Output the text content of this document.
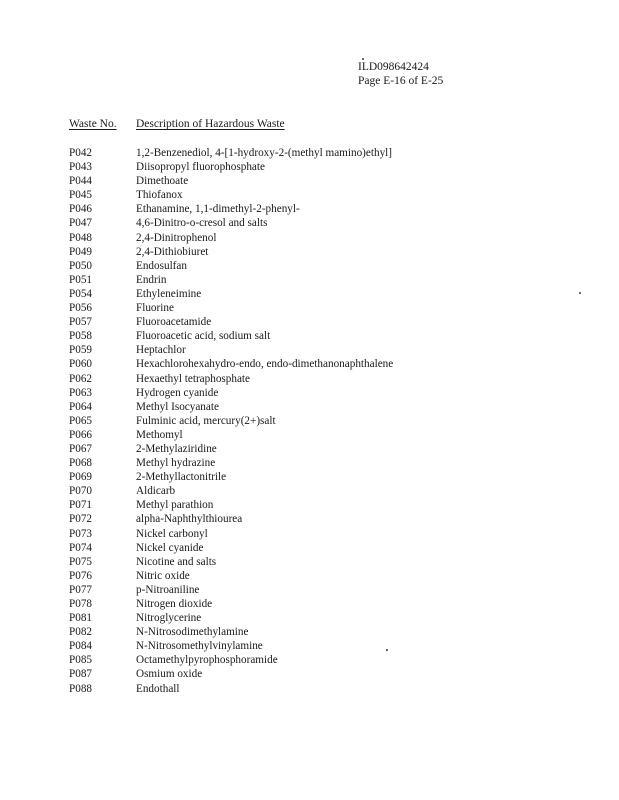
ILD098642424
Page E-16 of E-25
Waste No. Description of Hazardous Waste
P042	1,2-Benzenediol, 4-[1-hydroxy-2-(methyl mamino)ethyl]
P043	Diisopropyl fluorophosphate
P044	Dimethoate
P045	Thiofanox
P046	Ethanamine, 1,1-dimethyl-2-phenyl-
P047	4,6-Dinitro-o-cresol and salts
P048	2,4-Dinitrophenol
P049	2,4-Dithiobiuret
P050	Endosulfan
P051	Endrin
P054	Ethyleneimine
P056	Fluorine
P057	Fluoroacetamide
P058	Fluoroacetic acid, sodium salt
P059	Heptachlor
P060	Hexachlorohexahydro-endo, endo-dimethanonaphthalene
P062	Hexaethyl tetraphosphate
P063	Hydrogen cyanide
P064	Methyl Isocyanate
P065	Fulminic acid, mercury(2+)salt
P066	Methomyl
P067	2-Methylaziridine
P068	Methyl hydrazine
P069	2-Methyllactonitrile
P070	Aldicarb
P071	Methyl parathion
P072	alpha-Naphthylthiourea
P073	Nickel carbonyl
P074	Nickel cyanide
P075	Nicotine and salts
P076	Nitric oxide
P077	p-Nitroaniline
P078	Nitrogen dioxide
P081	Nitroglycerine
P082	N-Nitrosodimethylamine
P084	N-Nitrosomethylvinylamine
P085	Octamethylpyrophosphoramide
P087	Osmium oxide
P088	Endothall
